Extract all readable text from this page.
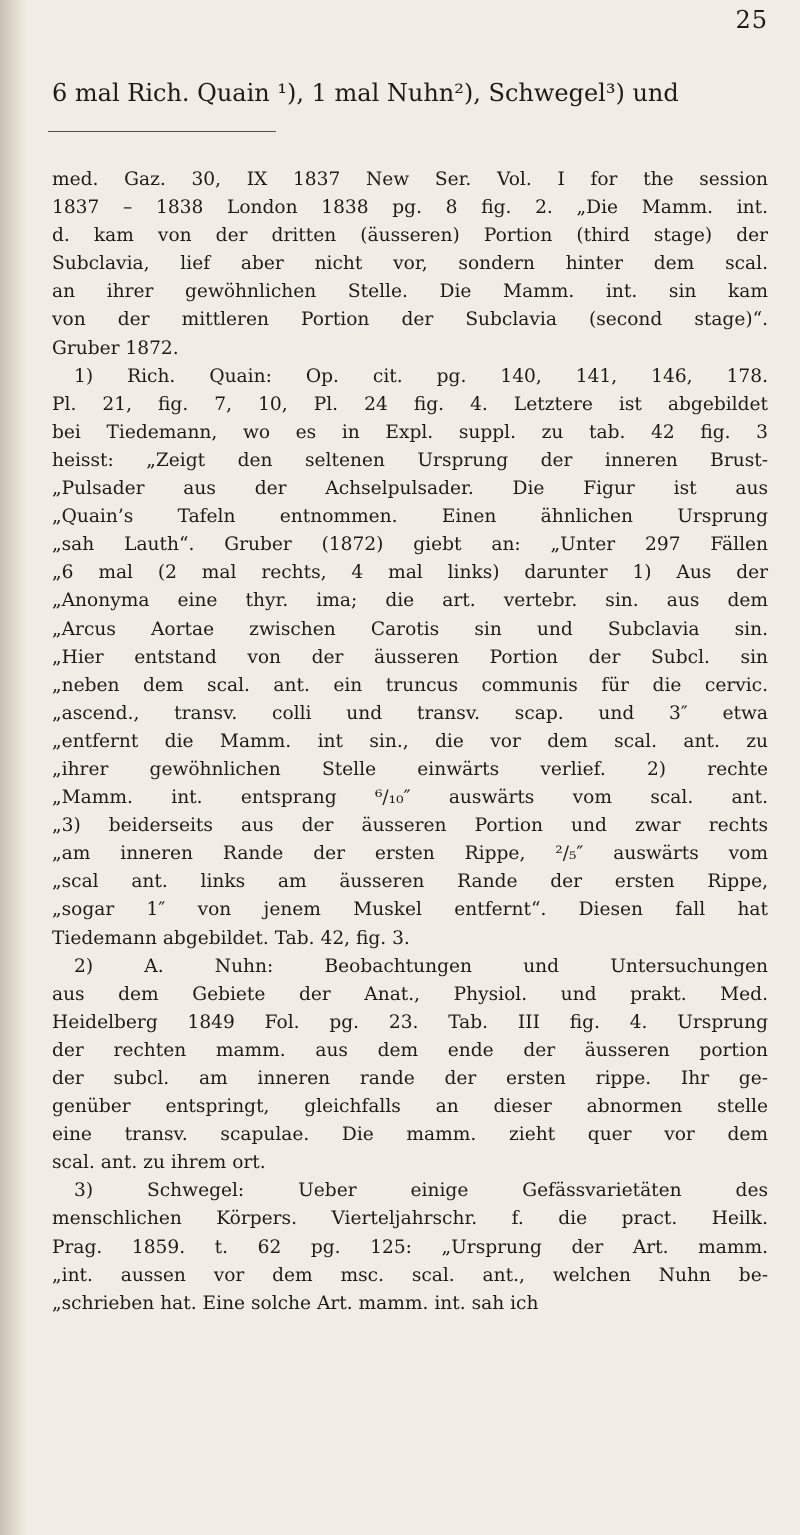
25
6 mal Rich. Quain ¹), 1 mal Nuhn²), Schwegel³) und

med. Gaz. 30, IX 1837 New Ser. Vol. I for the session

1837 – 1838 London 1838 pg. 8 fig. 2. „Die Mamm. int.

d. kam von der dritten (äusseren) Portion (third stage) der

Subclavia, lief aber nicht vor, sondern hinter dem scal.

an ihrer gewöhnlichen Stelle. Die Mamm. int. sin kam

von der mittleren Portion der Subclavia (second stage)“.

Gruber 1872.

1) Rich. Quain: Op. cit. pg. 140, 141, 146, 178.

Pl. 21, fig. 7, 10, Pl. 24 fig. 4. Letztere ist abgebildet

bei Tiedemann, wo es in Expl. suppl. zu tab. 42 fig. 3

heisst: „Zeigt den seltenen Ursprung der inneren Brust-

„Pulsader aus der Achselpulsader. Die Figur ist aus

„Quain’s Tafeln entnommen. Einen ähnlichen Ursprung

„sah Lauth“. Gruber (1872) giebt an: „Unter 297 Fällen

„6 mal (2 mal rechts, 4 mal links) darunter 1) Aus der

„Anonyma eine thyr. ima; die art. vertebr. sin. aus dem

„Arcus Aortae zwischen Carotis sin und Subclavia sin.

„Hier entstand von der äusseren Portion der Subcl. sin

„neben dem scal. ant. ein truncus communis für die cervic.

„ascend., transv. colli und transv. scap. und 3″ etwa

„entfernt die Mamm. int sin., die vor dem scal. ant. zu

„ihrer gewöhnlichen Stelle einwärts verlief. 2) rechte

„Mamm. int. entsprang ⁶/₁₀″ auswärts vom scal. ant.

„3) beiderseits aus der äusseren Portion und zwar rechts

„am inneren Rande der ersten Rippe, ²/₅″ auswärts vom

„scal ant. links am äusseren Rande der ersten Rippe,

„sogar 1″ von jenem Muskel entfernt“. Diesen fall hat

Tiedemann abgebildet. Tab. 42, fig. 3.

2) A. Nuhn: Beobachtungen und Untersuchungen

aus dem Gebiete der Anat., Physiol. und prakt. Med.

Heidelberg 1849 Fol. pg. 23. Tab. III fig. 4. Ursprung

der rechten mamm. aus dem ende der äusseren portion

der subcl. am inneren rande der ersten rippe. Ihr ge-

genüber entspringt, gleichfalls an dieser abnormen stelle

eine transv. scapulae. Die mamm. zieht quer vor dem

scal. ant. zu ihrem ort.

3) Schwegel: Ueber einige Gefässvarietäten des

menschlichen Körpers. Vierteljahrschr. f. die pract. Heilk.

Prag. 1859. t. 62 pg. 125: „Ursprung der Art. mamm.

„int. aussen vor dem msc. scal. ant., welchen Nuhn be-

„schrieben hat. Eine solche Art. mamm. int. sah ich
